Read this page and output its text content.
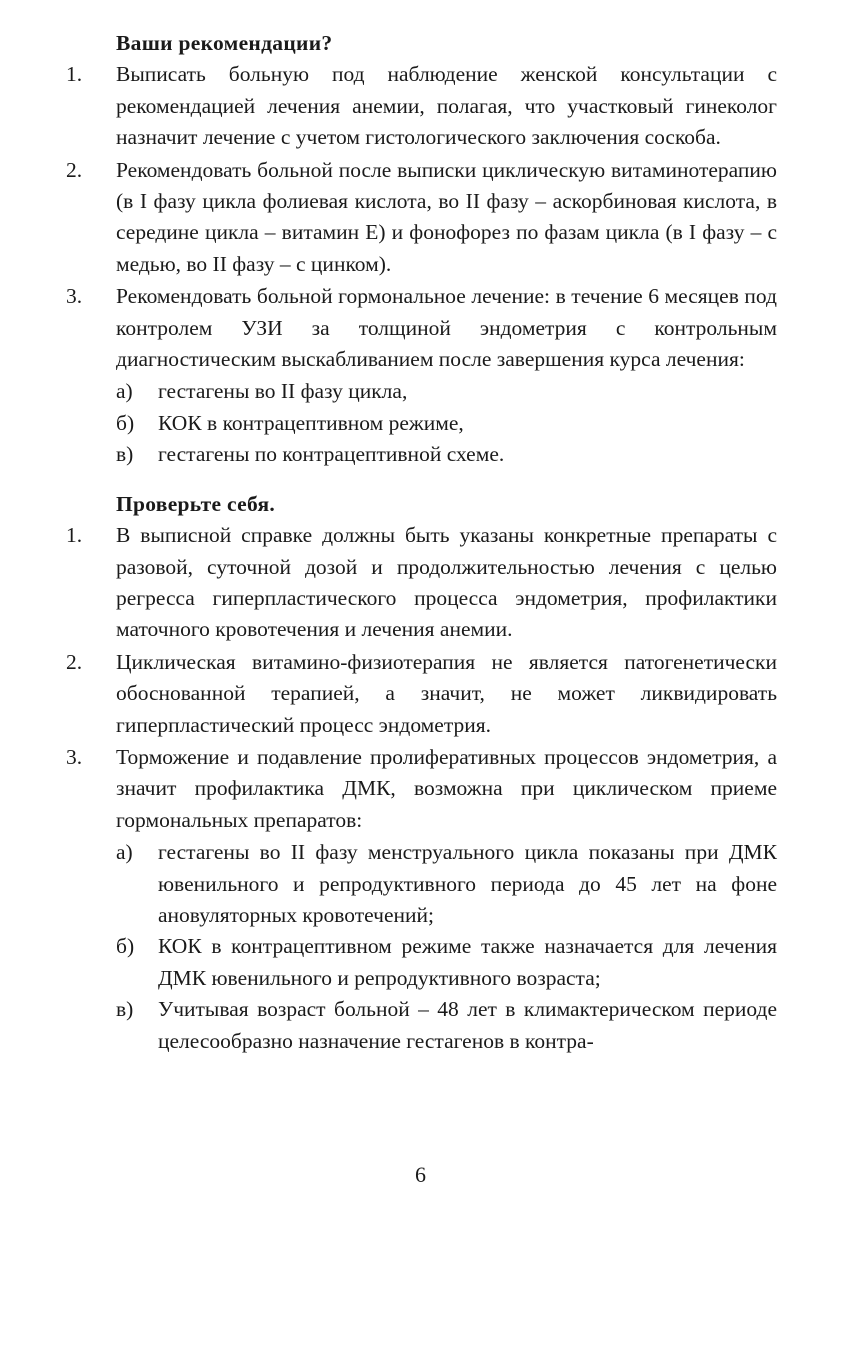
Ваши рекомендации?
1.	Выписать больную под наблюдение женской консультации с рекомендацией лечения анемии, полагая, что участковый гинеколог назначит лечение с учетом гистологического заключения соскоба.
2.	Рекомендовать больной после выписки циклическую витаминотерапию (в I фазу цикла фолиевая кислота, во II фазу – аскорбиновая кислота, в середине цикла – витамин Е) и фонофорез по фазам цикла (в I фазу – с медью, во II фазу – с цинком).
3.	Рекомендовать больной гормональное лечение: в течение 6 месяцев под контролем УЗИ за толщиной эндометрия с контрольным диагностическим выскабливанием после завершения курса лечения:
а)	гестагены во II фазу цикла,
б)	КОК в контрацептивном режиме,
в)	гестагены по контрацептивной схеме.
Проверьте себя.
1.	В выписной справке должны быть указаны конкретные препараты с разовой, суточной дозой и продолжительностью лечения с целью регресса гиперпластического процесса эндометрия, профилактики маточного кровотечения и лечения анемии.
2.	Циклическая витамино-физиотерапия не является патогенетически обоснованной терапией, а значит, не может ликвидировать гиперпластический процесс эндометрия.
3.	Торможение и подавление пролиферативных процессов эндометрия, а значит профилактика ДМК, возможна при циклическом приеме гормональных препаратов:
а)	гестагены во II фазу менструального цикла показаны при ДМК ювенильного и репродуктивного периода до 45 лет на фоне ановуляторных кровотечений;
б)	КОК в контрацептивном режиме также назначается для лечения ДМК ювенильного и репродуктивного возраста;
в)	Учитывая возраст больной – 48 лет в климактерическом периоде целесообразно назначение гестагенов в контра-
6
